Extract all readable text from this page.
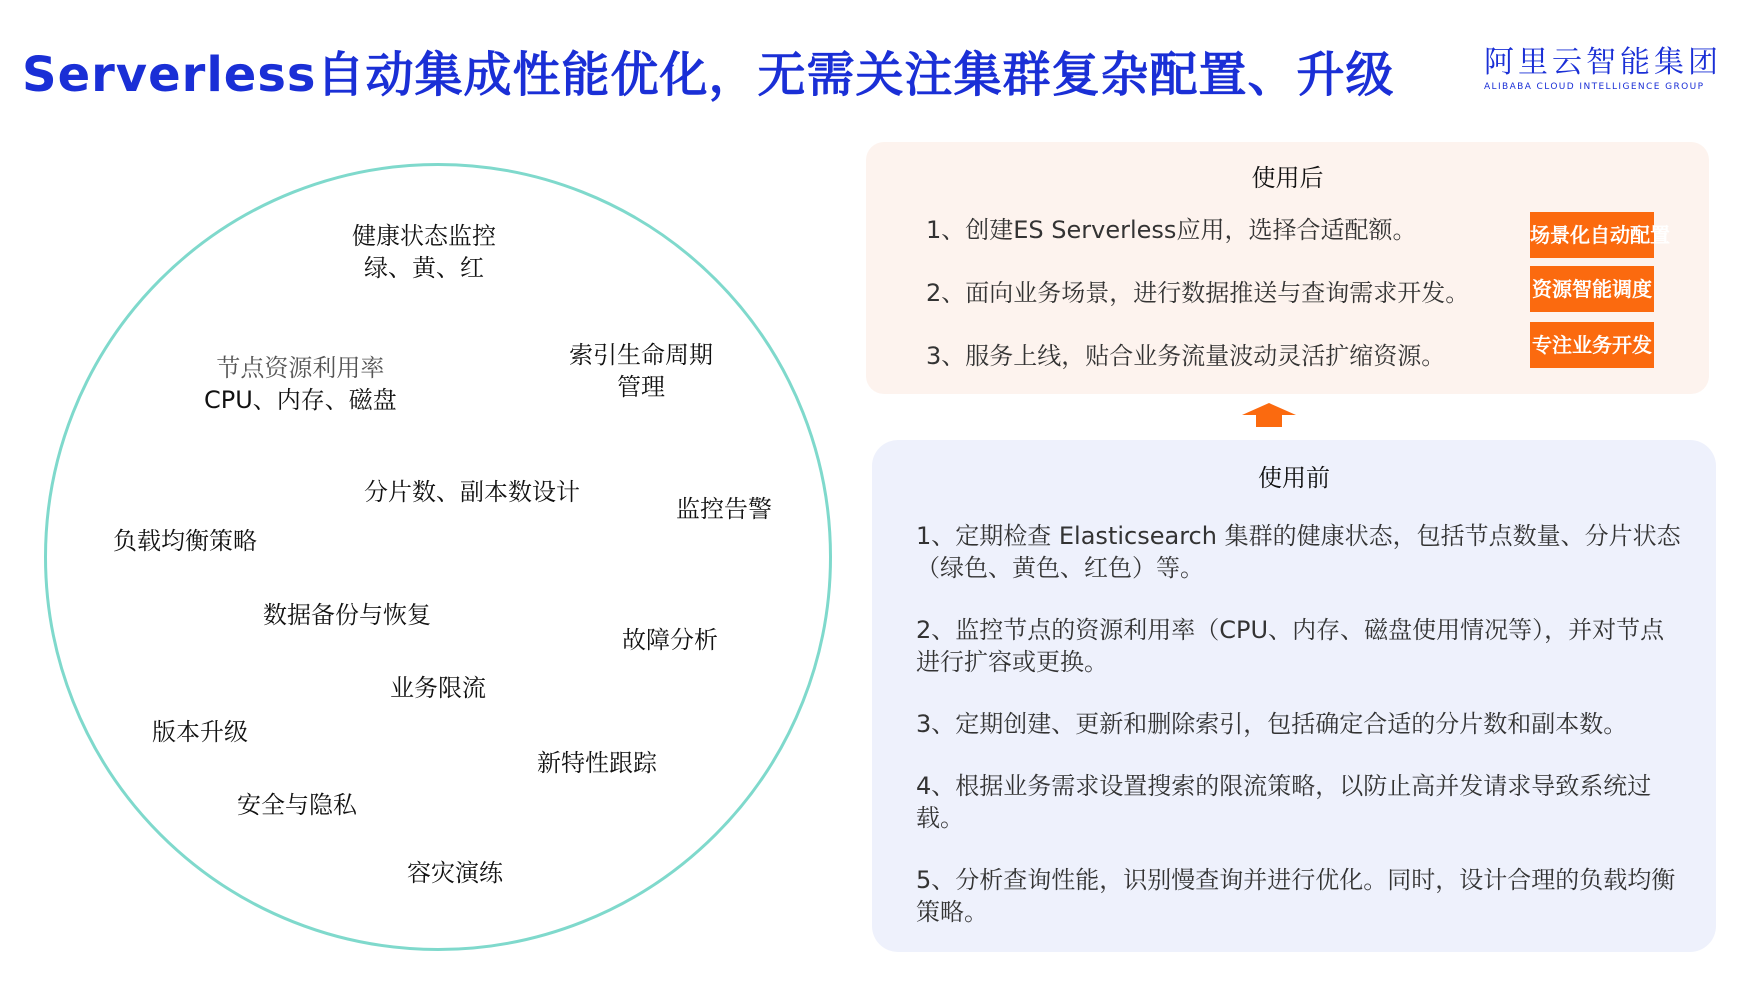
Serverless自动集成性能优化，无需关注集群复杂配置、升级	阿里云智能集团
ALIBABA CLOUD INTELLIGENCE GROUP
健康状态监控
绿、黄、红
节点资源利用率
CPU、内存、磁盘
索引生命周期
管理
分片数、副本数设计
监控告警
负载均衡策略
数据备份与恢复
故障分析
业务限流
版本升级
新特性跟踪
安全与隐私
容灾演练
使用后
1、创建ES Serverless应用，选择合适配额。
2、面向业务场景，进行数据推送与查询需求开发。
3、服务上线，贴合业务流量波动灵活扩缩资源。
场景化自动配置
资源智能调度
专注业务开发
使用前
1、定期检查 Elasticsearch 集群的健康状态，包括节点数量、分片状态（绿色、黄色、红色）等。
2、监控节点的资源利用率（CPU、内存、磁盘使用情况等），并对节点进行扩容或更换。
3、定期创建、更新和删除索引，包括确定合适的分片数和副本数。
4、根据业务需求设置搜索的限流策略，以防止高并发请求导致系统过载。
5、分析查询性能，识别慢查询并进行优化。同时，设计合理的负载均衡策略。
